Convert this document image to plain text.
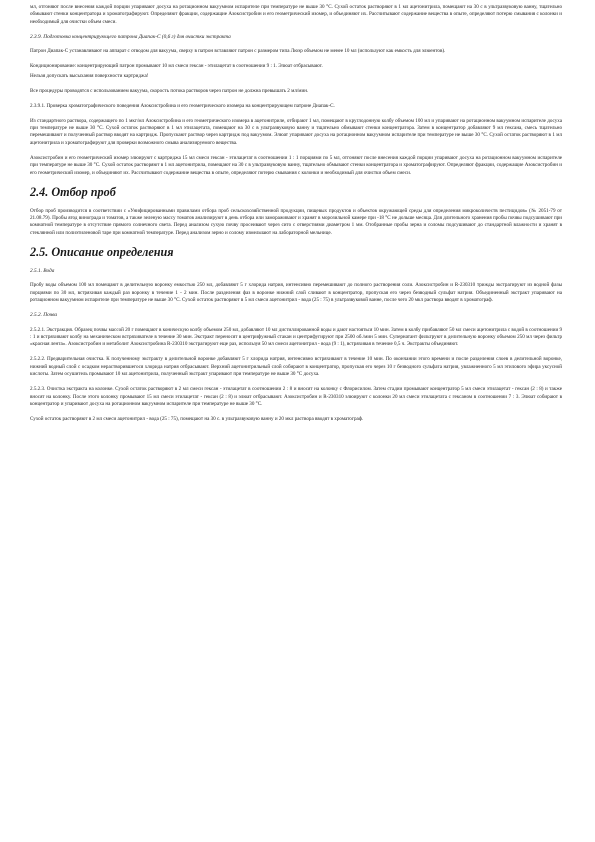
мл, отгоняют после внесения каждой порции упаривают досуха на ротационном вакуумном испарителе при температуре не выше 30 °С. Сухой остаток растворяют в 1 мл ацетонитрила, помещают на 30 с в ультразвуковую ванну, тщательно обмывают стенки концентратора и хроматографируют. Определяют фракции, содержащие Азоксистробин и его геометрический изомер, и объединяют их. Рассчитывают содержание вещества в опыте, определяют потерю смывания с колонки и необходимый для очистки объем смеси.

2.3.9. Подготовка концентрирующего патрона Диапак-С (0,6 г) для очистки экстракта

Патрон Диапак-С устанавливают на аппарат с отводом для вакуума, сверху в патрон вставляют патрон с размером типа Люэр объемом не менее 10 мл (используют как емкость для элюентов).

Кондиционирование: концентрирующий патрон промывают 10 мл смеси гексан - этилацетат в соотношении 9 : 1. Элюат отбрасывают.

Нельзя допускать высыхания поверхности картриджа!

Все процедуры проводятся с использованием вакуума, скорость потока растворов через патрон не должна превышать 2 мл/мин.

2.3.9.1. Проверка хроматографического поведения Азоксистробина и его геометрического изомера на концентрирующем патроне Диапак-С.

Из стандартного раствора, содержащего по 1 мкг/мл Азоксистробина и его геометрического изомера в ацетонитриле, отбирают 1 мл, помещают в круглодонную колбу объемом 100 мл и упаривают на ротационном вакуумном испарителе досуха при температуре не выше 30 °С. Сухой остаток растворяют в 1 мл этилацетата, помещают на 30 с в ультразвуковую ванну и тщательно обмывают стенки концентратора. Затем в концентратор добавляют 9 мл гексана, смесь тщательно перемешивают и полученный раствор вводят на картридж. Пропускают раствор через картридж под вакуумом. Элюат упаривают досуха на ротационном вакуумном испарителе при температуре не выше 30 °С. Сухой остаток растворяют в 1 мл ацетонитрила и хроматографируют для проверки возможного смыва анализируемого вещества.

Азоксистробин и его геометрический изомер элюируют с картриджа 15 мл смеси гексан - этилацетат в соотношении 1 : 1 порциями по 5 мл, отгоняют после внесения каждой порции упаривают досуха на ротационном вакуумном испарителе при температуре не выше 30 °С. Сухой остаток растворяют в 1 мл ацетонитрила, помещают на 30 с в ультразвуковую ванну, тщательно обмывают стенки концентратора и хроматографируют. Определяют фракции, содержащие Азоксистробин и его геометрический изомер, и объединяют их. Рассчитывают содержание вещества в опыте, определяют потерю смывания с колонки и необходимый для очистки объем смеси.

2.4. Отбор проб

Отбор проб производится в соответствии с «Унифицированными правилами отбора проб сельскохозяйственной продукции, пищевых продуктов и объектов окружающей среды для определения микроколичеств пестицидов» (№ 2051-79 от 21.08.79). Пробы ягод винограда и томатов, а также зеленую массу томатов анализируют в день отбора или замораживают и хранят в морозильной камере при -18 °С не дольше месяца. Для длительного хранения пробы почвы подсушивают при комнатной температуре в отсутствие прямого солнечного света. Перед анализом сухую почву просеивают через сито с отверстиями диаметром 1 мм. Отобранные пробы зерна и соломы подсушивают до стандартной влажности и хранят в стеклянной или полиэтиленовой таре при комнатной температуре. Перед анализом зерно и солому измельчают на лабораторной мельнице.

2.5. Описание определения
2.5.1. Вода

Пробу воды объемом 100 мл помещают в делительную воронку емкостью 250 мл, добавляют 5 г хлорида натрия, интенсивно перемешивают до полного растворения соли. Азоксистробин и R-230310 трижды экстрагируют из водной фазы порциями по 30 мл, встряхивая каждый раз воронку в течение 1 - 2 мин. После разделения фаз в воронке нижний слой сливают в концентратор, пропуская его через безводный сульфат натрия. Объединенный экстракт упаривают на ротационном вакуумном испарителе при температуре не выше 30 °С. Сухой остаток растворяют в 5 мл смеси ацетонитрил - вода (25 : 75) в ультразвуковой ванне, после чего 20 мкл раствора вводят в хроматограф.

2.5.2. Почва

2.5.2.1. Экстракция. Образец почвы массой 20 г помещают в коническую колбу объемом 250 мл, добавляют 10 мл дистиллированной воды и дают настояться 10 мин. Затем в колбу прибавляют 50 мл смеси ацетонитрила с водой в соотношении 9 : 1 и встряхивают колбу на механическом встряхивателе в течение 30 мин. Экстракт переносят в центрифужный стакан и центрифугируют при 2500 об./мин 5 мин. Супернатант фильтруют в делительную воронку объемом 250 мл через фильтр «красная лента». Азоксистробин и метаболит Азоксистробина R-230310 экстрагируют еще раз, используя 50 мл смеси ацетонитрил - вода (9 : 1), встряхивая в течение 0,5 ч. Экстракты объединяют.

2.5.2.2. Предварительная очистка. К полученному экстракту в делительной воронке добавляют 5 г хлорида натрия, интенсивно встряхивают в течение 10 мин. По окончании этого времени и после разделения слоев в делительной воронке, нижний водный слой с осадком нерастворившегося хлорида натрия отбрасывают. Верхний ацетонитрильный слой собирают в концентратор, пропуская его через 10 г безводного сульфата натрия, увлажненного 5 мл этилового эфира уксусной кислоты. Затем осушитель промывают 10 мл ацетонитрила, полученный экстракт упаривают при температуре не выше 30 °С досуха.

2.5.2.3. Очистка экстракта на колонке. Сухой остаток растворяют в 2 мл смеси гексан - этилацетат в соотношении 2 : 8 и вносят на колонку с Флорисилом. Затем стадии промывают концентратор 5 мл смеси этилацетат - гексан (2 : 8) и также вносят на колонку. После этого колонку промывают 15 мл смеси этилацетат - гексан (2 : 8) и элюат отбрасывают. Азоксистробин и R-230310 элюируют с колонки 20 мл смеси этилацетата с гексаном в соотношении 7 : 3. Элюат собирают в концентратор и упаривают досуха на ротационном вакуумном испарителе при температуре не выше 30 °С.

Сухой остаток растворяют в 2 мл смеси ацетонитрил - вода (25 : 75), помещают на 30 с. в ультразвуковую ванну и 20 мкл раствора вводят в хроматограф.
